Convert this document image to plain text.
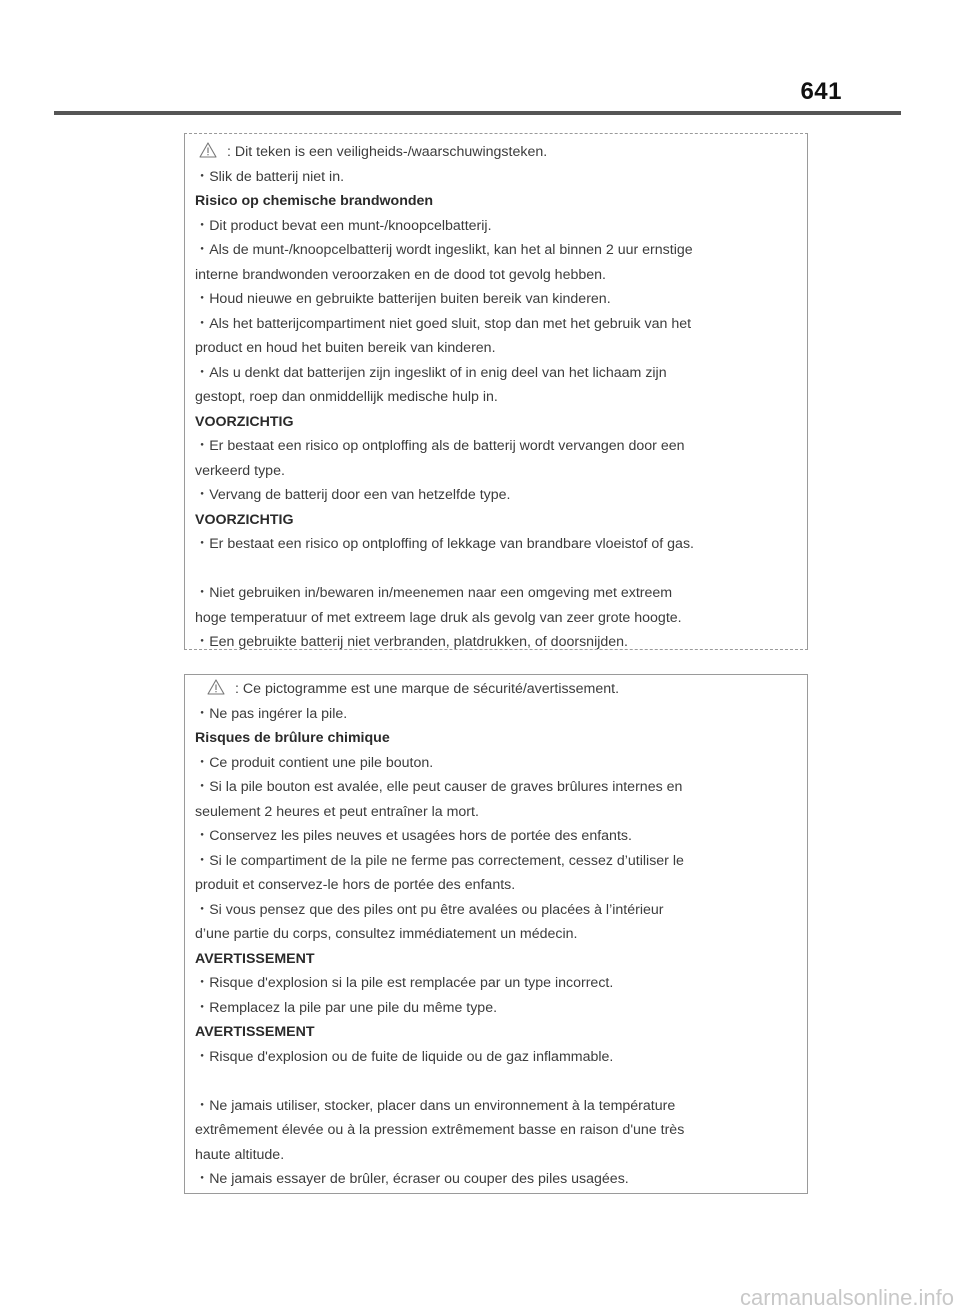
641
: Dit teken is een veiligheids-/waarschuwingsteken.
・Slik de batterij niet in.
Risico op chemische brandwonden
・Dit product bevat een munt-/knoopcelbatterij.
・Als de munt-/knoopcelbatterij wordt ingeslikt, kan het al binnen 2 uur ernstige
interne brandwonden veroorzaken en de dood tot gevolg hebben.
・Houd nieuwe en gebruikte batterijen buiten bereik van kinderen.
・Als het batterijcompartiment niet goed sluit, stop dan met het gebruik van het
product en houd het buiten bereik van kinderen.
・Als u denkt dat batterijen zijn ingeslikt of in enig deel van het lichaam zijn
gestopt, roep dan onmiddellijk medische hulp in.
VOORZICHTIG
・Er bestaat een risico op ontploffing als de batterij wordt vervangen door een
verkeerd type.
・Vervang de batterij door een van hetzelfde type.
VOORZICHTIG
・Er bestaat een risico op ontploffing of lekkage van brandbare vloeistof of gas.
・Niet gebruiken in/bewaren in/meenemen naar een omgeving met extreem
hoge temperatuur of met extreem lage druk als gevolg van zeer grote hoogte.
・Een gebruikte batterij niet verbranden, platdrukken, of doorsnijden.
: Ce pictogramme est une marque de sécurité/avertissement.
・Ne pas ingérer la pile.
Risques de brûlure chimique
・Ce produit contient une pile bouton.
・Si la pile bouton est avalée, elle peut causer de graves brûlures internes en
seulement 2 heures et peut entraîner la mort.
・Conservez les piles neuves et usagées hors de portée des enfants.
・Si le compartiment de la pile ne ferme pas correctement, cessez d’utiliser le
produit et conservez-le hors de portée des enfants.
・Si vous pensez que des piles ont pu être avalées ou placées à l’intérieur
d’une partie du corps, consultez immédiatement un médecin.
AVERTISSEMENT
・Risque d'explosion si la pile est remplacée par un type incorrect.
・Remplacez la pile par une pile du même type.
AVERTISSEMENT
・Risque d'explosion ou de fuite de liquide ou de gaz inflammable.
・Ne jamais utiliser, stocker, placer dans un environnement à la température
extrêmement élevée ou à la pression extrêmement basse en raison d'une très
haute altitude.
・Ne jamais essayer de brûler, écraser ou couper des piles usagées.
carmanualsonline.info
